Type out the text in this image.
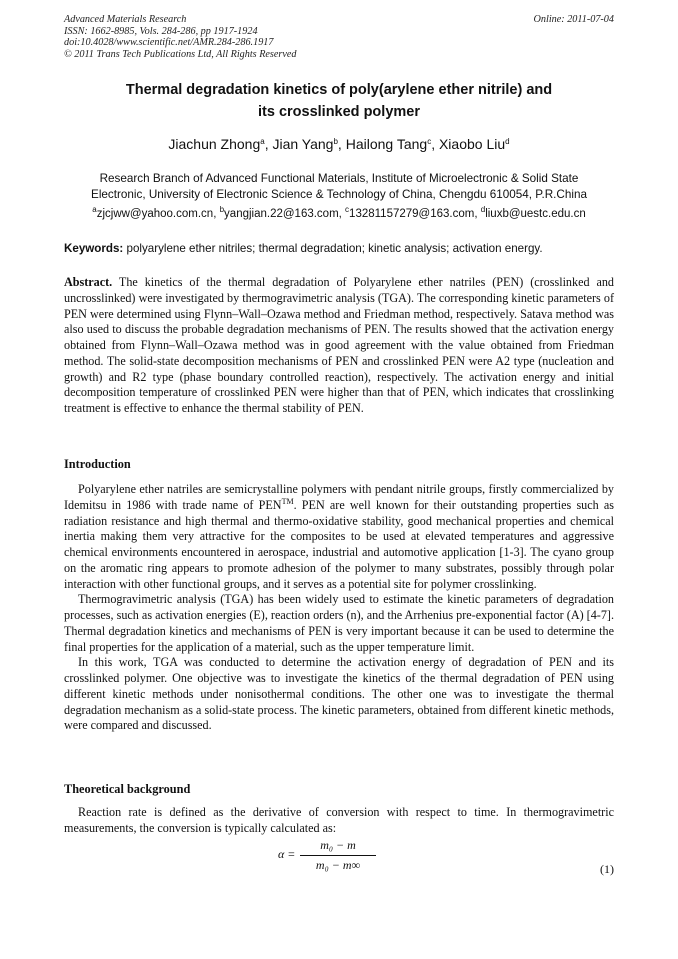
Advanced Materials Research
ISSN: 1662-8985, Vols. 284-286, pp 1917-1924
doi:10.4028/www.scientific.net/AMR.284-286.1917
© 2011 Trans Tech Publications Ltd, All Rights Reserved
Online: 2011-07-04
Thermal degradation kinetics of poly(arylene ether nitrile) and
its crosslinked polymer
Jiachun Zhong$^a$, Jian Yang$^b$, Hailong Tang$^c$, Xiaobo Liu$^d$
Research Branch of Advanced Functional Materials, Institute of Microelectronic & Solid State
Electronic, University of Electronic Science & Technology of China, Chengdu 610054, P.R.China
$^a$zjcjww@yahoo.com.cn, $^b$yangjian.22@163.com, $^c$13281157279@163.com, $^d$liuxb@uestc.edu.cn
Keywords: polyarylene ether nitriles; thermal degradation; kinetic analysis; activation energy.
Abstract. The kinetics of the thermal degradation of Polyarylene ether natriles (PEN) (crosslinked and uncrosslinked) were investigated by thermogravimetric analysis (TGA). The corresponding kinetic parameters of PEN were determined using Flynn–Wall–Ozawa method and Friedman method, respectively. Satava method was also used to discuss the probable degradation mechanisms of PEN. The results showed that the activation energy obtained from Flynn–Wall–Ozawa method was in good agreement with the value obtained from Friedman method. The solid-state decomposition mechanisms of PEN and crosslinked PEN were A2 type (nucleation and growth) and R2 type (phase boundary controlled reaction), respectively. The activation energy and initial decomposition temperature of crosslinked PEN were higher than that of PEN, which indicates that crosslinking treatment is effective to enhance the thermal stability of PEN.
Introduction

Polyarylene ether natriles are semicrystalline polymers with pendant nitrile groups, firstly commercialized by Idemitsu in 1986 with trade name of PEN™. PEN are well known for their outstanding properties such as radiation resistance and high thermal and thermo-oxidative stability, good mechanical properties and chemical inertia making them very attractive for the composites to be used at elevated temperatures and aggressive chemical environments encountered in aerospace, industrial and automotive application [1-3]. The cyano group on the aromatic ring appears to promote adhesion of the polymer to many substrates, possibly through polar interaction with other functional groups, and it serves as a potential site for polymer crosslinking.

Thermogravimetric analysis (TGA) has been widely used to estimate the kinetic parameters of degradation processes, such as activation energies (E), reaction orders (n), and the Arrhenius pre-exponential factor (A) [4-7]. Thermal degradation kinetics and mechanisms of PEN is very important because it can be used to determine the final properties for the application of a material, such as the upper temperature limit.

In this work, TGA was conducted to determine the activation energy of degradation of PEN and its crosslinked polymer. One objective was to investigate the kinetics of the thermal degradation of PEN using different kinetic methods under nonisothermal conditions. The other one was to investigate the thermal degradation mechanism as a solid-state process. The kinetic parameters, obtained from different kinetic methods, were compared and discussed.

Theoretical background

Reaction rate is defined as the derivative of conversion with respect to time. In thermogravimetric measurements, the conversion is typically calculated as:

α =
m₀ − m
m₀ − m∞	(1)
